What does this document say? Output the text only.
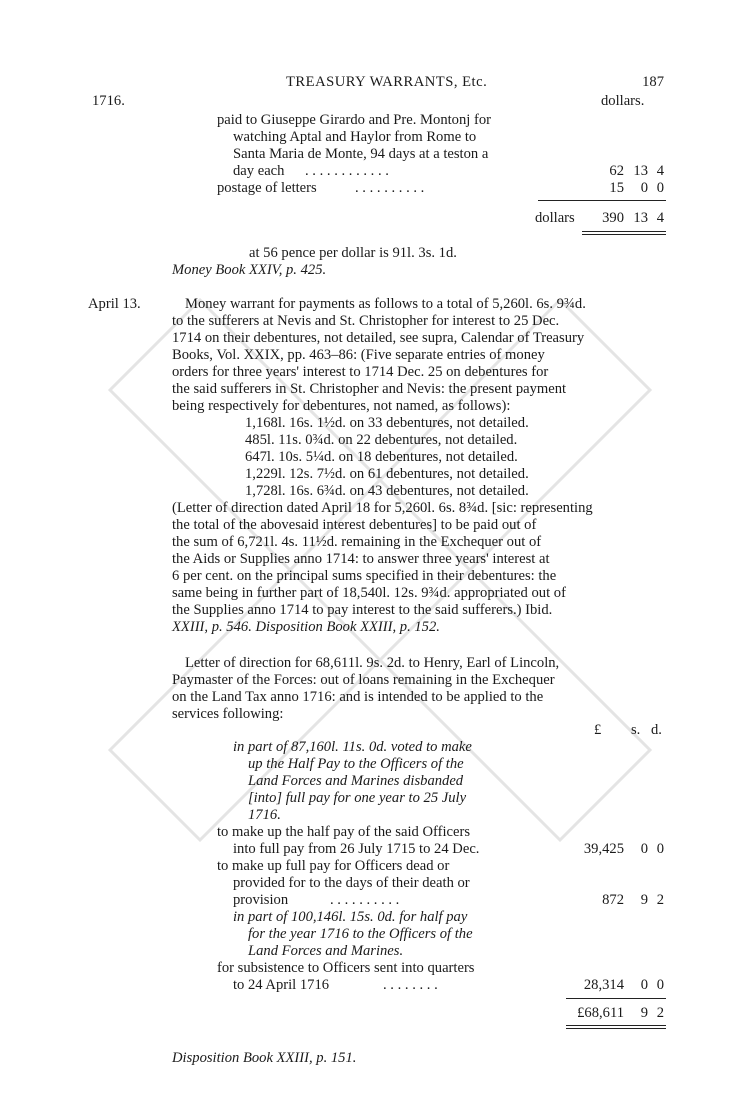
TREASURY WARRANTS, Etc.	187
1716.	dollars.
paid to Giuseppe Girardo and Pre. Montonj for
watching Aptal and Haylor from Rome to
Santa Maria de Monte, 94 days at a teston a
day each . . . . . . . . . . . .	62 13 4
postage of letters	. . . . . . . . . .	15	0 0
dollars	390 13 4
at 56 pence per dollar is 91l. 3s. 1d.
Money Book XXIV, p. 425.
April 13.	Money warrant for payments as follows to a total of 5,260l. 6s. 9¾d.
to the sufferers at Nevis and St. Christopher for interest to 25 Dec.
1714 on their debentures, not detailed, see supra, Calendar of Treasury
Books, Vol. XXIX, pp. 463–86: (Five separate entries of money
orders for three years' interest to 1714 Dec. 25 on debentures for
the said sufferers in St. Christopher and Nevis: the present payment
being respectively for debentures, not named, as follows):
1,168l. 16s. 1½d. on 33 debentures, not detailed.
485l. 11s. 0¾d. on 22 debentures, not detailed.
647l. 10s. 5¼d. on 18 debentures, not detailed.
1,229l. 12s. 7½d. on 61 debentures, not detailed.
1,728l. 16s. 6¾d. on 43 debentures, not detailed.
(Letter of direction dated April 18 for 5,260l. 6s. 8¾d. [sic: representing
the total of the abovesaid interest debentures] to be paid out of
the sum of 6,721l. 4s. 11½d. remaining in the Exchequer out of
the Aids or Supplies anno 1714: to answer three years' interest at
6 per cent. on the principal sums specified in their debentures: the
same being in further part of 18,540l. 12s. 9¾d. appropriated out of
the Supplies anno 1714 to pay interest to the said sufferers.) Ibid.
XXIII, p. 546. Disposition Book XXIII, p. 152.
Letter of direction for 68,611l. 9s. 2d. to Henry, Earl of Lincoln,
Paymaster of the Forces: out of loans remaining in the Exchequer
on the Land Tax anno 1716: and is intended to be applied to the
services following:
£ s. d.
in part of 87,160l. 11s. 0d. voted to make
up the Half Pay to the Officers of the
Land Forces and Marines disbanded
[into] full pay for one year to 25 July
1716.
to make up the half pay of the said Officers
into full pay from 26 July 1715 to 24 Dec.	39,425	0 0
to make up full pay for Officers dead or
provided for to the days of their death or
provision	. . . . . . . . . .	872	9 2
in part of 100,146l. 15s. 0d. for half pay
for the year 1716 to the Officers of the
Land Forces and Marines.
for subsistence to Officers sent into quarters
to 24 April 1716	. . . . . . . .	28,314	0 0
£68,611	9 2
Disposition Book XXIII, p. 151.
